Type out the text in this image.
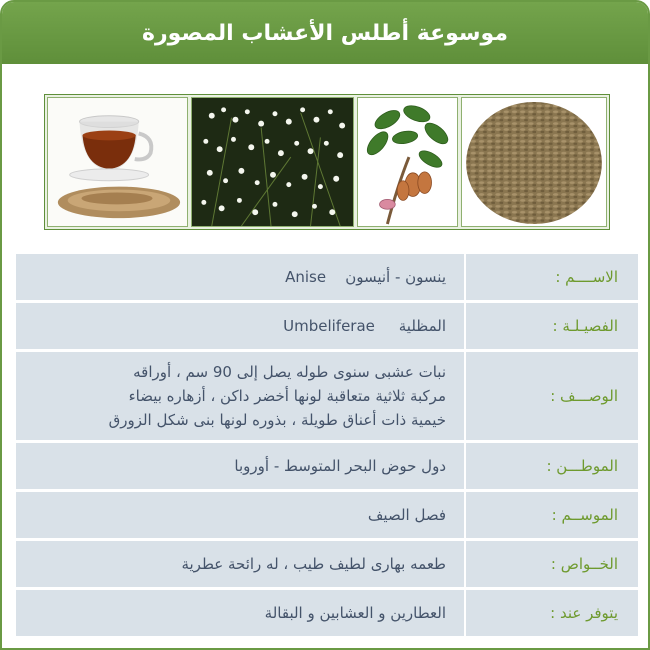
موسوعة أطلس الأعشاب المصورة
الاســــم :	ينسون - أنيسون    Anise
الفصيـلـة :	المظلية     Umbeliferae
الوصـــف :	نبات عشبى سنوى طوله يصل إلى 90 سم ، أوراقه
مركبة ثلاثية متعاقبة لونها أخضر داكن ، أزهاره بيضاء
خيمية ذات أعناق طويلة ، بذوره لونها بنى شكل الزورق

الموطـــن :	دول حوض البحر المتوسط - أوروبا
الموســم :	فصل الصيف
الخــواص :	طعمه بهارى لطيف طيب ، له رائحة عطرية
يتوفر عند :	العطارين و العشابين و البقالة
